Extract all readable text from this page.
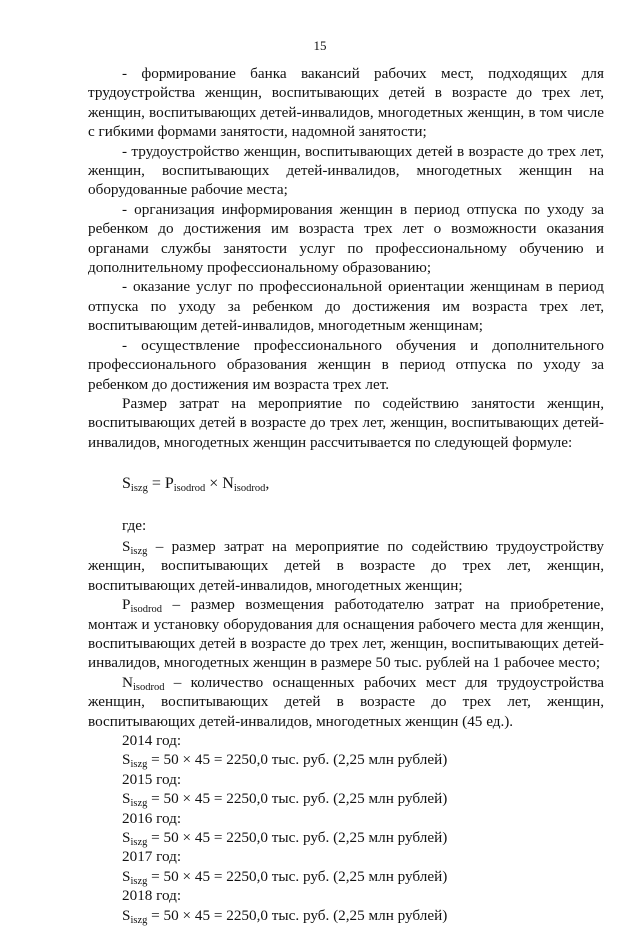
15

- формирование банка вакансий рабочих мест, подходящих для трудоустройства женщин, воспитывающих детей в возрасте до трех лет, женщин, воспитывающих детей-инвалидов, многодетных женщин, в том числе с гибкими формами занятости, надомной занятости;

- трудоустройство женщин, воспитывающих детей в возрасте до трех лет, женщин, воспитывающих детей-инвалидов, многодетных женщин на оборудованные рабочие места;

- организация информирования женщин в период отпуска по уходу за ребенком до достижения им возраста трех лет о возможности оказания органами службы занятости услуг по профессиональному обучению и дополнительному профессиональному образованию;

- оказание услуг по профессиональной ориентации женщинам в период отпуска по уходу за ребенком до достижения им возраста трех лет, воспитывающим детей-инвалидов, многодетным женщинам;

- осуществление профессионального обучения и дополнительного профессионального образования женщин в период отпуска по уходу за ребенком до достижения им возраста трех лет.

Размер затрат на мероприятие по содействию занятости женщин, воспитывающих детей в возрасте до трех лет, женщин, воспитывающих детей-инвалидов, многодетных женщин рассчитывается по следующей формуле:

$S_{iszg} = P_{isodrod} \times N_{isodrod}$,

где:

$S_{iszg}$ – размер затрат на мероприятие по содействию трудоустройству женщин, воспитывающих детей в возрасте до трех лет, женщин, воспитывающих детей-инвалидов, многодетных женщин;

$P_{isodrod}$ – размер возмещения работодателю затрат на приобретение, монтаж и установку оборудования для оснащения рабочего места для женщин, воспитывающих детей в возрасте до трех лет, женщин, воспитывающих детей-инвалидов, многодетных женщин в размере 50 тыс. рублей на 1 рабочее место;

$N_{isodrod}$ – количество оснащенных рабочих мест для трудоустройства женщин, воспитывающих детей в возрасте до трех лет, женщин, воспитывающих детей-инвалидов, многодетных женщин (45 ед.).

2014 год:

$S_{iszg} = 50 \times 45 = 2250,0$ тыс. руб. (2,25 млн рублей)

2015 год:

$S_{iszg} = 50 \times 45 = 2250,0$ тыс. руб. (2,25 млн рублей)

2016 год:

$S_{iszg} = 50 \times 45 = 2250,0$ тыс. руб. (2,25 млн рублей)

2017 год:

$S_{iszg} = 50 \times 45 = 2250,0$ тыс. руб. (2,25 млн рублей)

2018 год:

$S_{iszg} = 50 \times 45 = 2250,0$ тыс. руб. (2,25 млн рублей)
